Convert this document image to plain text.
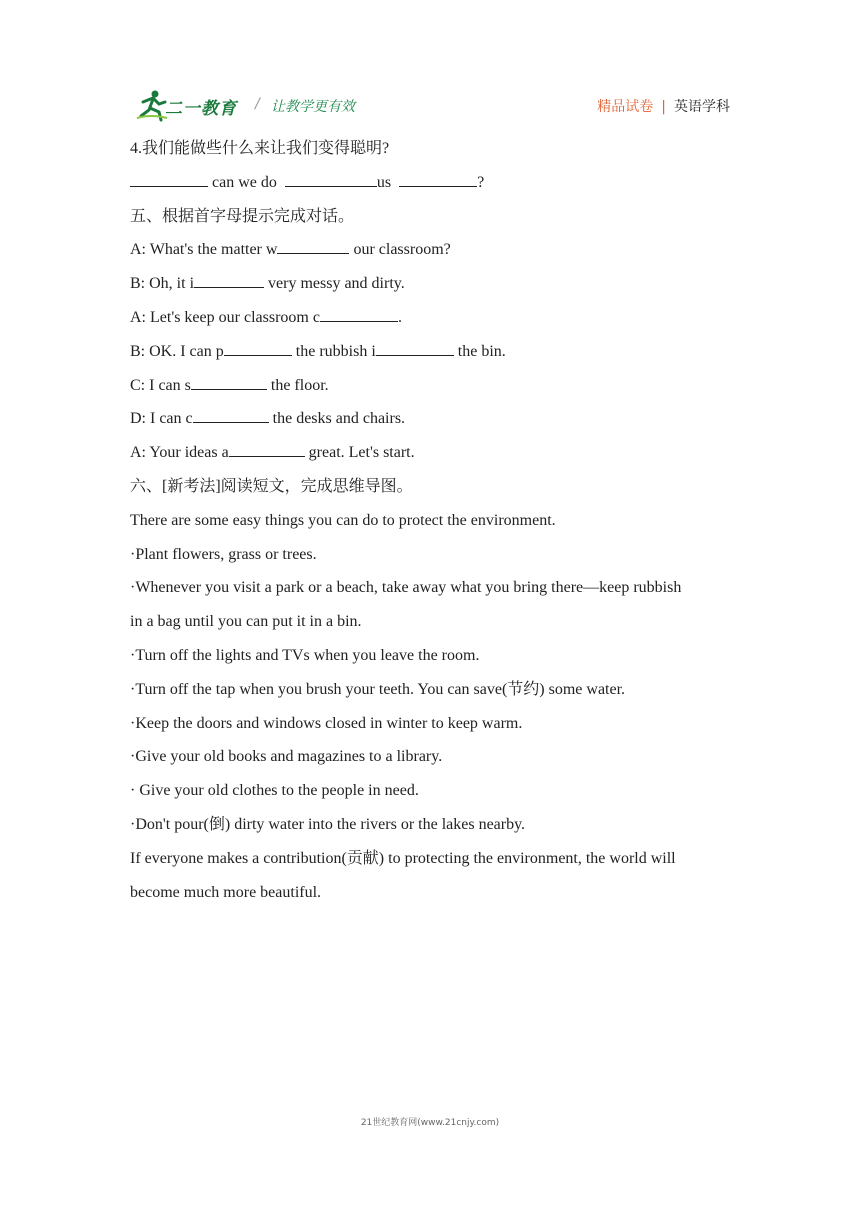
二一教育 / 让教学更有效	精品试卷 | 英语学科
4.我们能做些什么来让我们变得聪明?
can we do	us	?
五、根据首字母提示完成对话。
A: What's the matter w	our classroom?
B: Oh, it i	very messy and dirty.
A: Let's keep our classroom c	.
B: OK. I can p	the rubbish i	the bin.
C: I can s	the floor.
D: I can c	the desks and chairs.
A: Your ideas a	great. Let's start.
六、[新考法]阅读短文，完成思维导图。
There are some easy things you can do to protect the environment.
·Plant flowers, grass or trees.
·Whenever you visit a park or a beach, take away what you bring there—keep rubbish
in a bag until you can put it in a bin.
·Turn off the lights and TVs when you leave the room.
·Turn off the tap when you brush your teeth. You can save(节约) some water.
·Keep the doors and windows closed in winter to keep warm.
·Give your old books and magazines to a library.
· Give your old clothes to the people in need.
·Don't pour(倒) dirty water into the rivers or the lakes nearby.
If everyone makes a contribution(贡献) to protecting the environment, the world will
become much more beautiful.
21世纪教育网(www.21cnjy.com)
